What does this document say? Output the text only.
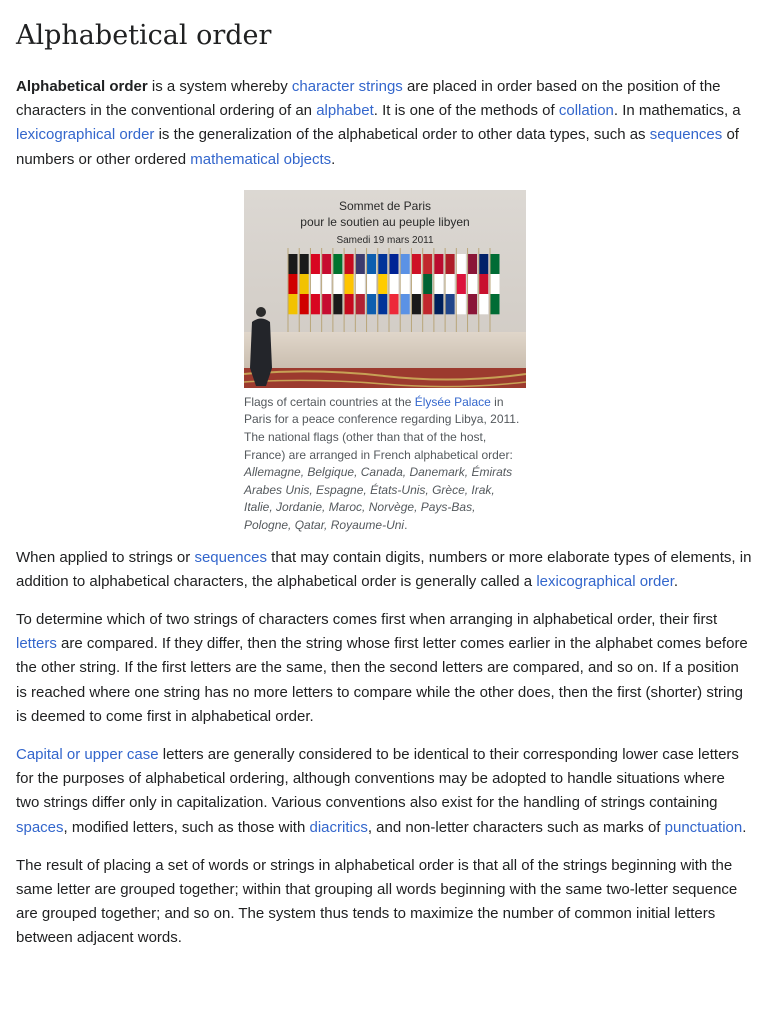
Alphabetical order

Alphabetical order is a system whereby character strings are placed in order based on the position of the characters in the conventional ordering of an alphabet. It is one of the methods of collation. In mathematics, a lexicographical order is the generalization of the alphabetical order to other data types, such as sequences of numbers or other ordered mathematical objects.

Sommet de Paris
pour le soutien au peuple libyen
Samedi 19 mars 2011
Flags of certain countries at the Élysée Palace in Paris for a peace conference regarding Libya, 2011. The national flags (other than that of the host, France) are arranged in French alphabetical order: Allemagne, Belgique, Canada, Danemark, Émirats Arabes Unis, Espagne, États-Unis, Grèce, Irak, Italie, Jordanie, Maroc, Norvège, Pays-Bas, Pologne, Qatar, Royaume-Uni.

When applied to strings or sequences that may contain digits, numbers or more elaborate types of elements, in addition to alphabetical characters, the alphabetical order is generally called a lexicographical order.

To determine which of two strings of characters comes first when arranging in alphabetical order, their first letters are compared. If they differ, then the string whose first letter comes earlier in the alphabet comes before the other string. If the first letters are the same, then the second letters are compared, and so on. If a position is reached where one string has no more letters to compare while the other does, then the first (shorter) string is deemed to come first in alphabetical order.

Capital or upper case letters are generally considered to be identical to their corresponding lower case letters for the purposes of alphabetical ordering, although conventions may be adopted to handle situations where two strings differ only in capitalization. Various conventions also exist for the handling of strings containing spaces, modified letters, such as those with diacritics, and non-letter characters such as marks of punctuation.

The result of placing a set of words or strings in alphabetical order is that all of the strings beginning with the same letter are grouped together; within that grouping all words beginning with the same two-letter sequence are grouped together; and so on. The system thus tends to maximize the number of common initial letters between adjacent words.
